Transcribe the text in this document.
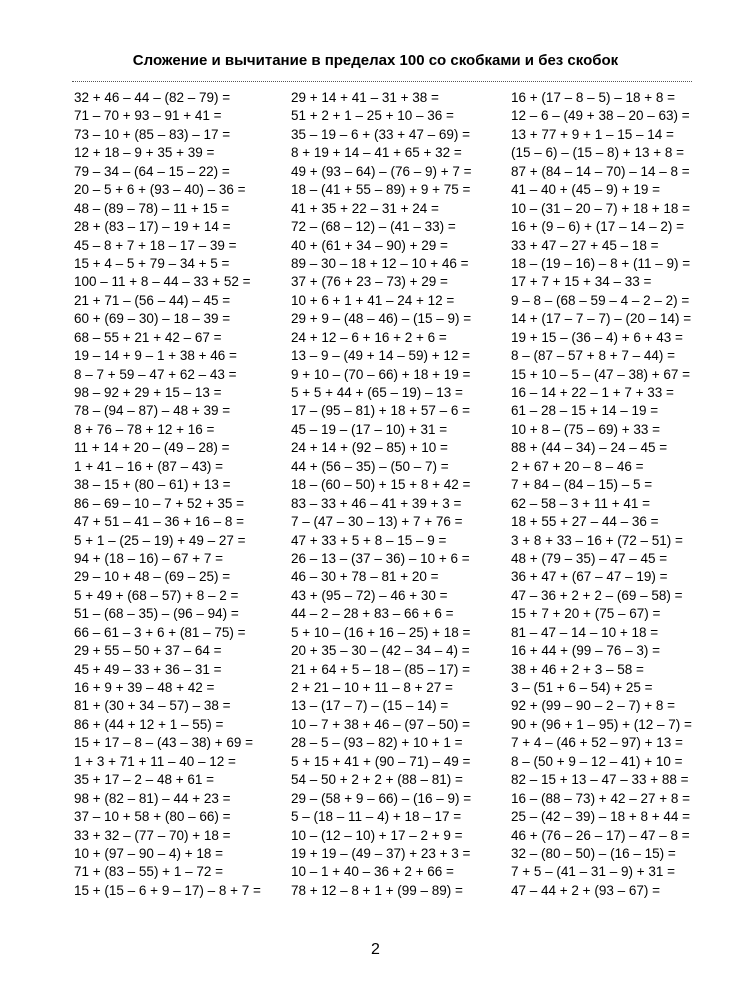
Сложение и вычитание в пределах 100 со скобками и без скобок
32 + 46 – 44 – (82 – 79) =
71 – 70 + 93 – 91 + 41 =
73 – 10 + (85 – 83) – 17 =
12 + 18 – 9 + 35 + 39 =
79 – 34 – (64 – 15 – 22) =
20 – 5 + 6 + (93 – 40) – 36 =
48 – (89 – 78) – 11 + 15 =
28 + (83 – 17) – 19 + 14 =
45 – 8 + 7 + 18 – 17 – 39 =
15 + 4 – 5 + 79 – 34 + 5 =
100 – 11 + 8 – 44 – 33 + 52 =
21 + 71 – (56 – 44) – 45 =
60 + (69 – 30) – 18 – 39 =
68 – 55 + 21 + 42 – 67 =
19 – 14 + 9 – 1 + 38 + 46 =
8 – 7 + 59 – 47 + 62 – 43 =
98 – 92 + 29 + 15 – 13 =
78 – (94 – 87) – 48 + 39 =
8 + 76 – 78 + 12 + 16 =
11 + 14 + 20 – (49 – 28) =
1 + 41 – 16 + (87 – 43) =
38 – 15 + (80 – 61) + 13 =
86 – 69 – 10 – 7 + 52 + 35 =
47 + 51 – 41 – 36 + 16 – 8 =
5 + 1 – (25 – 19) + 49 – 27 =
94 + (18 – 16) – 67 + 7 =
29 – 10 + 48 – (69 – 25) =
5 + 49 + (68 – 57) + 8 – 2 =
51 – (68 – 35) – (96 – 94) =
66 – 61 – 3 + 6 + (81 – 75) =
29 + 55 – 50 + 37 – 64 =
45 + 49 – 33 + 36 – 31 =
16 + 9 + 39 – 48 + 42 =
81 + (30 + 34 – 57) – 38 =
86 + (44 + 12 + 1 – 55) =
15 + 17 – 8 – (43 – 38) + 69 =
1 + 3 + 71 + 11 – 40 – 12 =
35 + 17 – 2 – 48 + 61 =
98 + (82 – 81) – 44 + 23 =
37 – 10 + 58 + (80 – 66) =
33 + 32 – (77 – 70) + 18 =
10 + (97 – 90 – 4) + 18 =
71 + (83 – 55) + 1 – 72 =
15 + (15 – 6 + 9 – 17) – 8 + 7 =
29 + 14 + 41 – 31 + 38 =
51 + 2 + 1 – 25 + 10 – 36 =
35 – 19 – 6 + (33 + 47 – 69) =
8 + 19 + 14 – 41 + 65 + 32 =
49 + (93 – 64) – (76 – 9) + 7 =
18 – (41 + 55 – 89) + 9 + 75 =
41 + 35 + 22 – 31 + 24 =
72 – (68 – 12) – (41 – 33) =
40 + (61 + 34 – 90) + 29 =
89 – 30 – 18 + 12 – 10 + 46 =
37 + (76 + 23 – 73) + 29 =
10 + 6 + 1 + 41 – 24 + 12 =
29 + 9 – (48 – 46) – (15 – 9) =
24 + 12 – 6 + 16 + 2 + 6 =
13 – 9 – (49 + 14 – 59) + 12 =
9 + 10 – (70 – 66) + 18 + 19 =
5 + 5 + 44 + (65 – 19) – 13 =
17 – (95 – 81) + 18 + 57 – 6 =
45 – 19 – (17 – 10) + 31 =
24 + 14 + (92 – 85) + 10 =
44 + (56 – 35) – (50 – 7) =
18 – (60 – 50) + 15 + 8 + 42 =
83 – 33 + 46 – 41 + 39 + 3 =
7 – (47 – 30 – 13) + 7 + 76 =
47 + 33 + 5 + 8 – 15 – 9 =
26 – 13 – (37 – 36) – 10 + 6 =
46 – 30 + 78 – 81 + 20 =
43 + (95 – 72) – 46 + 30 =
44 – 2 – 28 + 83 – 66 + 6 =
5 + 10 – (16 + 16 – 25) + 18 =
20 + 35 – 30 – (42 – 34 – 4) =
21 + 64 + 5 – 18 – (85 – 17) =
2 + 21 – 10 + 11 – 8 + 27 =
13 – (17 – 7) – (15 – 14) =
10 – 7 + 38 + 46 – (97 – 50) =
28 – 5 – (93 – 82) + 10 + 1 =
5 + 15 + 41 + (90 – 71) – 49 =
54 – 50 + 2 + 2 + (88 – 81) =
29 – (58 + 9 – 66) – (16 – 9) =
5 – (18 – 11 – 4) + 18 – 17 =
10 – (12 – 10) + 17 – 2 + 9 =
19 + 19 – (49 – 37) + 23 + 3 =
10 – 1 + 40 – 36 + 2 + 66 =
78 + 12 – 8 + 1 + (99 – 89) =
16 + (17 – 8 – 5) – 18 + 8 =
12 – 6 – (49 + 38 – 20 – 63) =
13 + 77 + 9 + 1 – 15 – 14 =
(15 – 6) – (15 – 8) + 13 + 8 =
87 + (84 – 14 – 70) – 14 – 8 =
41 – 40 + (45 – 9) + 19 =
10 – (31 – 20 – 7) + 18 + 18 =
16 + (9 – 6) + (17 – 14 – 2) =
33 + 47 – 27 + 45 – 18 =
18 – (19 – 16) – 8 + (11 – 9) =
17 + 7 + 15 + 34 – 33 =
9 – 8 – (68 – 59 – 4 – 2 – 2) =
14 + (17 – 7 – 7) – (20 – 14) =
19 + 15 – (36 – 4) + 6 + 43 =
8 – (87 – 57 + 8 + 7 – 44) =
15 + 10 – 5 – (47 – 38) + 67 =
16 – 14 + 22 – 1 + 7 + 33 =
61 – 28 – 15 + 14 – 19 =
10 + 8 – (75 – 69) + 33 =
88 + (44 – 34) – 24 – 45 =
2 + 67 + 20 – 8 – 46 =
7 + 84 – (84 – 15) – 5 =
62 – 58 – 3 + 11 + 41 =
18 + 55 + 27 – 44 – 36 =
3 + 8 + 33 – 16 + (72 – 51) =
48 + (79 – 35) – 47 – 45 =
36 + 47 + (67 – 47 – 19) =
47 – 36 + 2 + 2 – (69 – 58) =
15 + 7 + 20 + (75 – 67) =
81 – 47 – 14 – 10 + 18 =
16 + 44 + (99 – 76 – 3) =
38 + 46 + 2 + 3 – 58 =
3 – (51 + 6 – 54) + 25 =
92 + (99 – 90 – 2 – 7) + 8 =
90 + (96 + 1 – 95) + (12 – 7) =
7 + 4 – (46 + 52 – 97) + 13 =
8 – (50 + 9 – 12 – 41) + 10 =
82 – 15 + 13 – 47 – 33 + 88 =
16 – (88 – 73) + 42 – 27 + 8 =
25 – (42 – 39) – 18 + 8 + 44 =
46 + (76 – 26 – 17) – 47 – 8 =
32 – (80 – 50) – (16 – 15) =
7 + 5 – (41 – 31 – 9) + 31 =
47 – 44 + 2 + (93 – 67) =
2
